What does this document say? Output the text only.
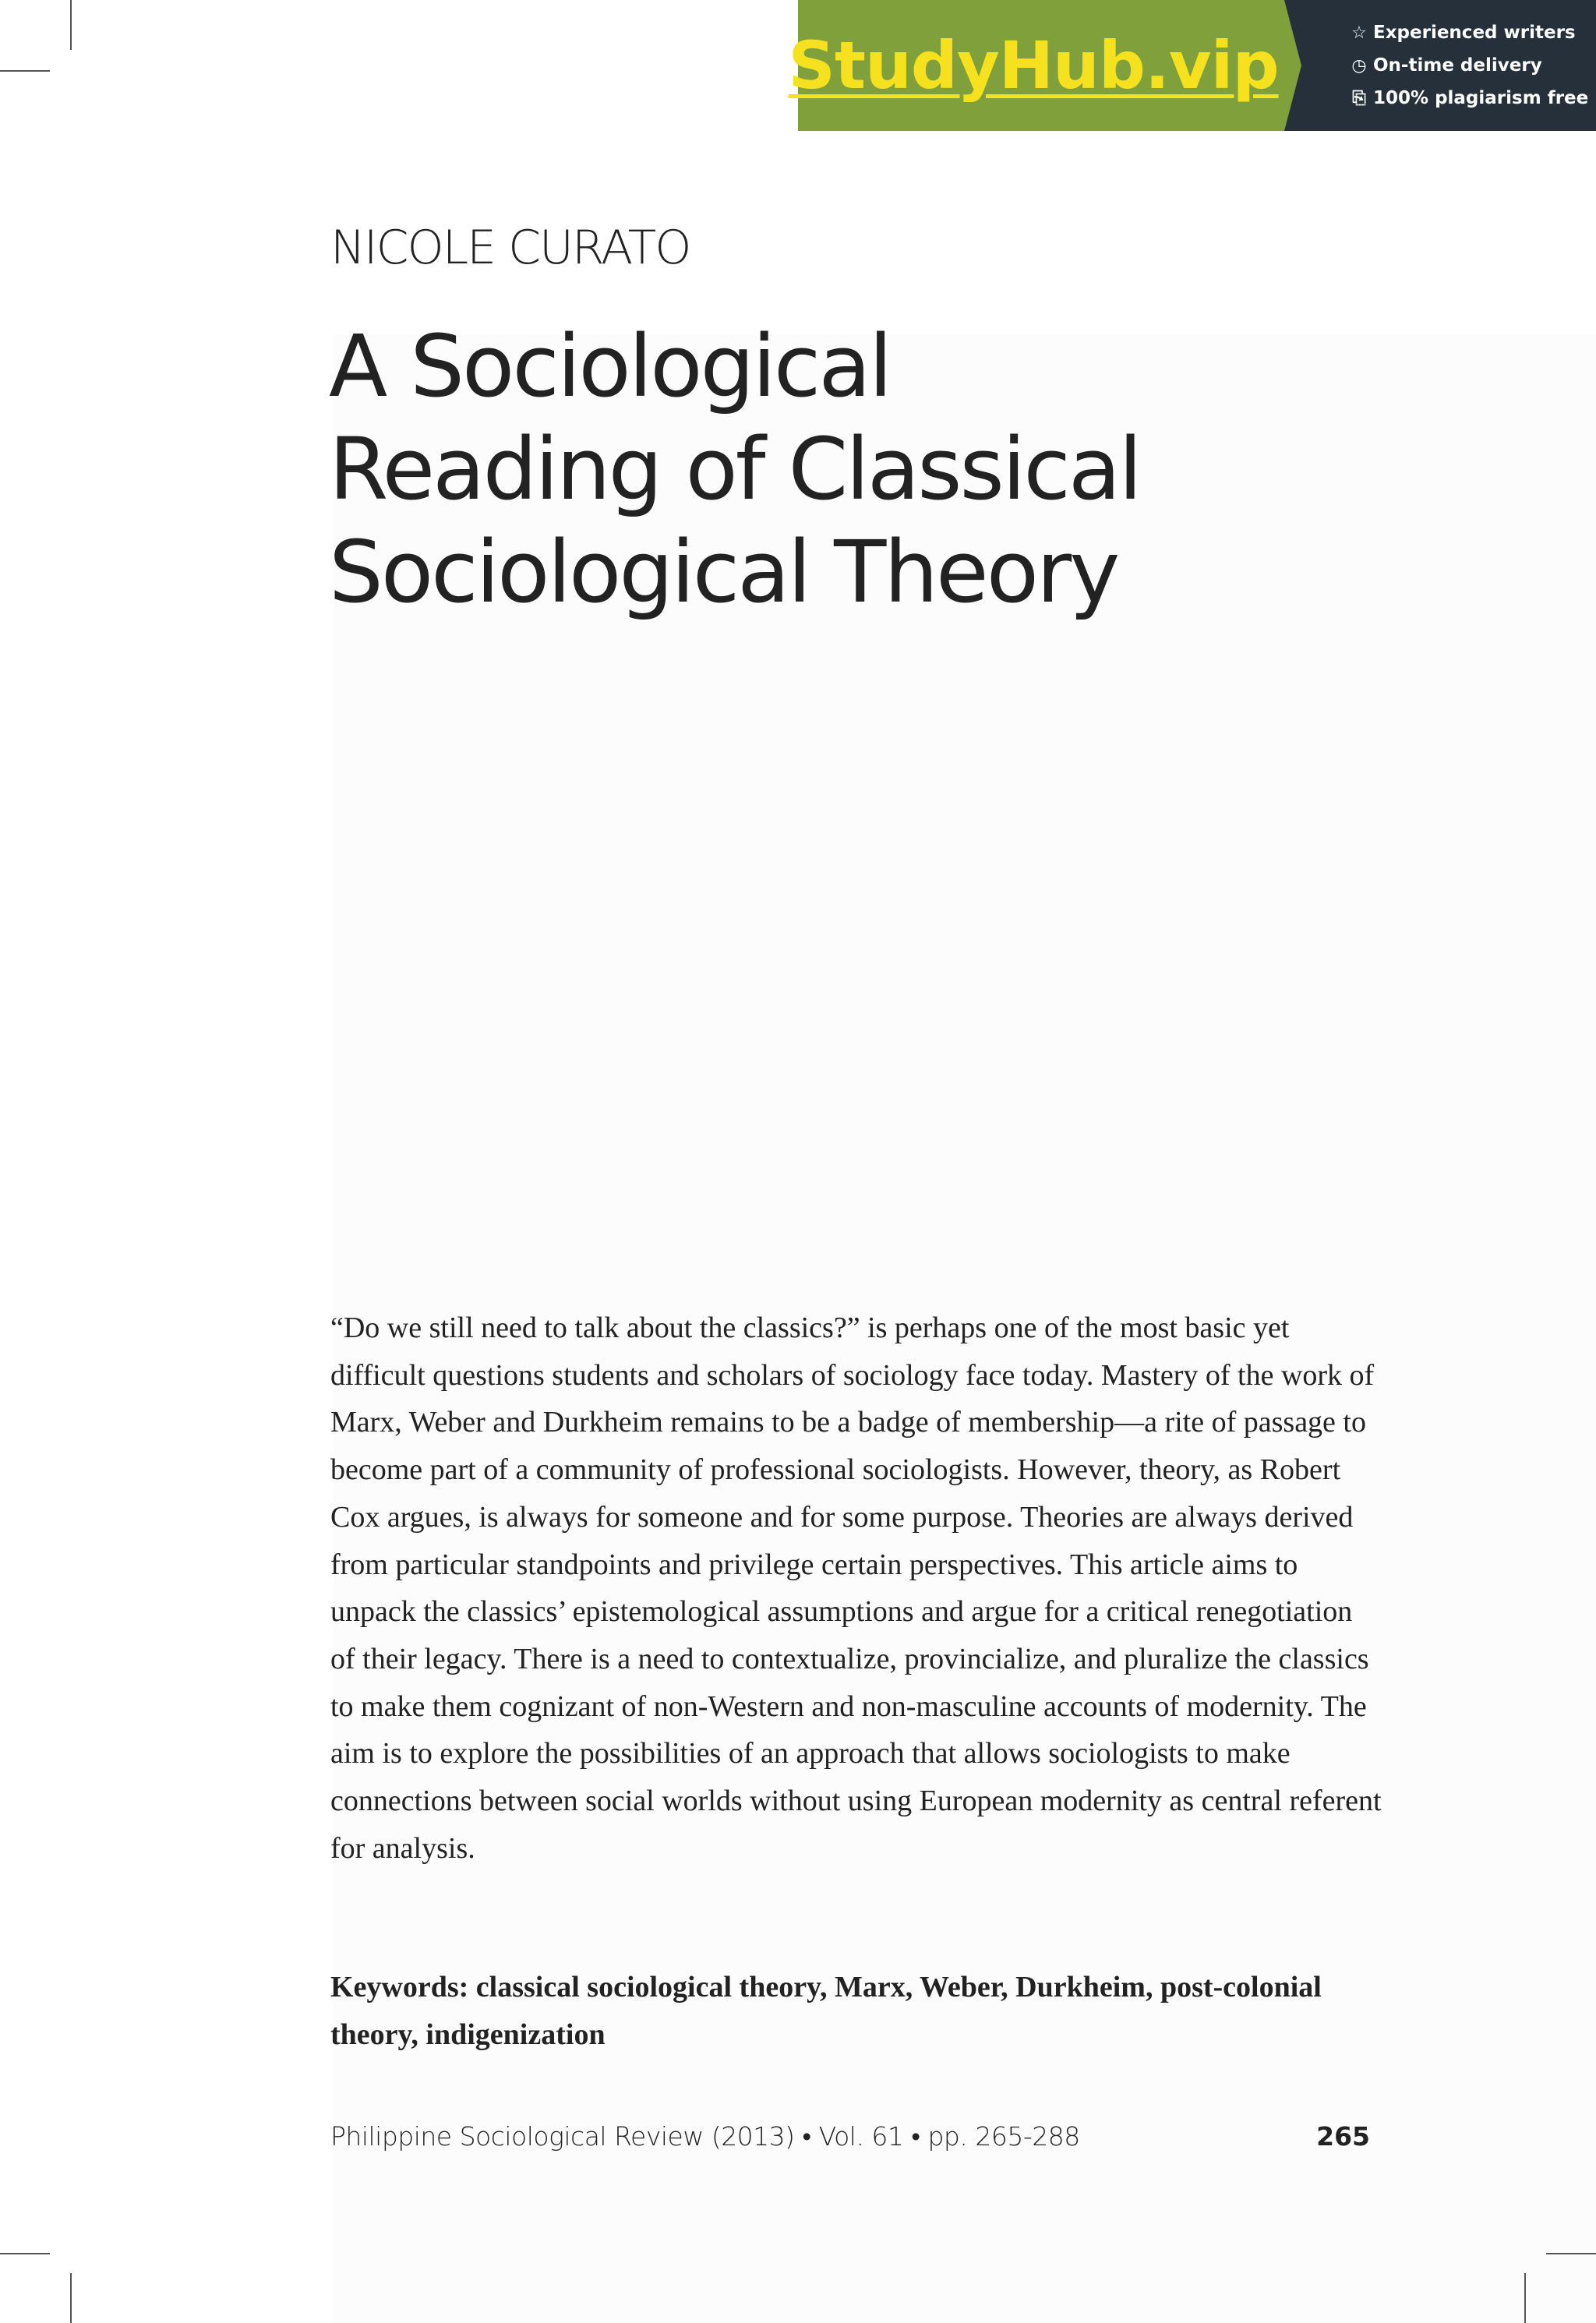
StudyHub.vip	☆ Experienced writers
◷ On-time delivery
⎘ 100% plagiarism free

NICOLE CURATO

A Sociological
Reading of Classical
Sociological Theory

“Do we still need to talk about the classics?” is perhaps one of the most basic yet difficult questions students and scholars of sociology face today. Mastery of the work of Marx, Weber and Durkheim remains to be a badge of membership—a rite of passage to become part of a community of professional sociologists. However, theory, as Robert Cox argues, is always for someone and for some purpose. Theories are always derived from particular standpoints and privilege certain perspectives. This article aims to unpack the classics’ epistemological assumptions and argue for a critical renegotiation of their legacy. There is a need to contextualize, provincialize, and pluralize the classics to make them cognizant of non-Western and non-masculine accounts of modernity. The aim is to explore the possibilities of an approach that allows sociologists to make connections between social worlds without using European modernity as central referent for analysis.

Keywords: classical sociological theory, Marx, Weber, Durkheim, post-colonial theory, indigenization

Philippine Sociological Review (2013) • Vol. 61 • pp. 265-288	265
